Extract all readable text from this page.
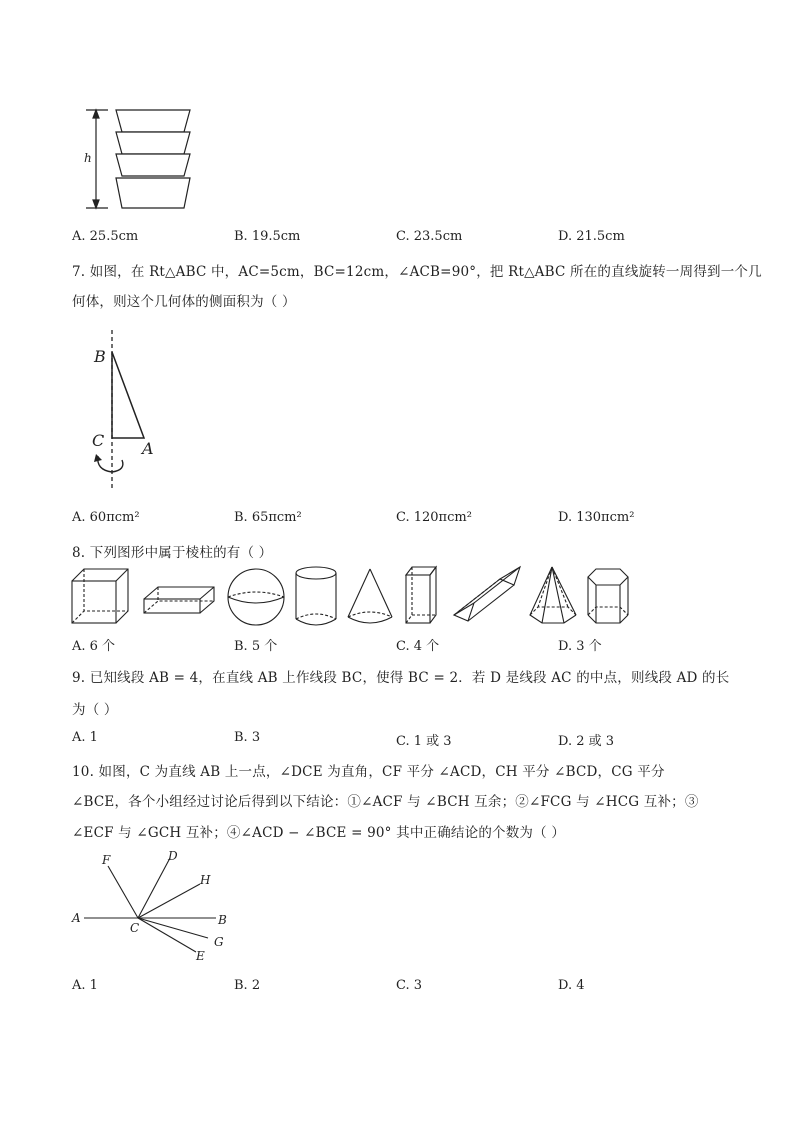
h
A. 25.5cm	B. 19.5cm	C. 23.5cm	D. 21.5cm
7. 如图，在 Rt△ABC 中，AC=5cm，BC=12cm，∠ACB=90°，把 Rt△ABC 所在的直线旋转一周得到一个几
何体，则这个几何体的侧面积为（ ）
B
C A
A. 60πcm²	B. 65πcm²	C. 120πcm²	D. 130πcm²
8. 下列图形中属于棱柱的有（ ）
A. 6 个	B. 5 个	C. 4 个	D. 3 个
9. 已知线段 AB = 4，在直线 AB 上作线段 BC，使得 BC = 2．若 D 是线段 AC 的中点，则线段 AD 的长
为（ ）
A. 1	B. 3	C. 1 或 3	D. 2 或 3
10. 如图，C 为直线 AB 上一点，∠DCE 为直角，CF 平分 ∠ACD，CH 平分 ∠BCD，CG 平分
∠BCE，各个小组经过讨论后得到以下结论：①∠ACF 与 ∠BCH 互余；②∠FCG 与 ∠HCG 互补；③
∠ECF 与 ∠GCH 互补；④∠ACD − ∠BCE = 90° 其中正确结论的个数为（ ）
F	D
H
A	B
C
G
E
A. 1	B. 2	C. 3	D. 4
